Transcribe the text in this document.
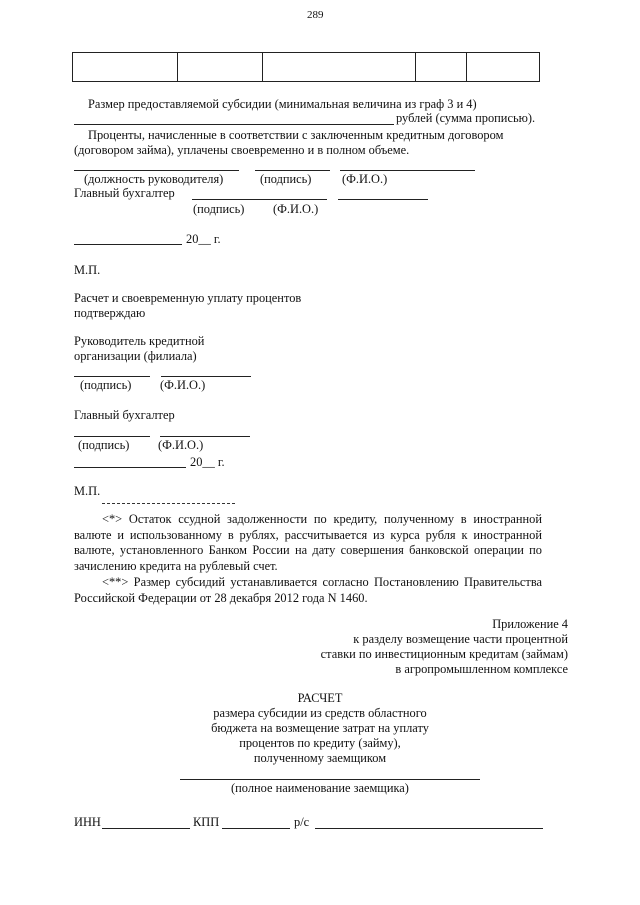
289

Размер предоставляемой субсидии (минимальная величина из граф 3 и 4)
рублей (сумма прописью).
Проценты, начисленные в соответствии с заключенным кредитным договором
(договором займа), уплачены своевременно и в полном объеме.
(должность руководителя)	(подпись) (Ф.И.О.)
Главный бухгалтер
(подпись) (Ф.И.О.)
20__ г.
М.П.
Расчет и своевременную уплату процентов
подтверждаю
Руководитель кредитной
организации (филиала)
(подпись) (Ф.И.О.)
Главный бухгалтер
(подпись) (Ф.И.О.)
20__ г.
М.П.
<*> Остаток ссудной задолженности по кредиту, полученному в иностранной валюте и использованному в рублях, рассчитывается из курса рубля к иностранной валюте, установленного Банком России на дату совершения банковской операции по зачислению кредита на рублевый счет.
<**> Размер субсидий устанавливается согласно Постановлению Правительства Российской Федерации от 28 декабря 2012 года N 1460.
Приложение 4
к разделу возмещение части процентной
ставки по инвестиционным кредитам (займам)
в агропромышленном комплексе
РАСЧЕТ
размера субсидии из средств областного
бюджета на возмещение затрат на уплату
процентов по кредиту (займу),
полученному заемщиком
(полное наименование заемщика)
ИНН	КПП	р/с
